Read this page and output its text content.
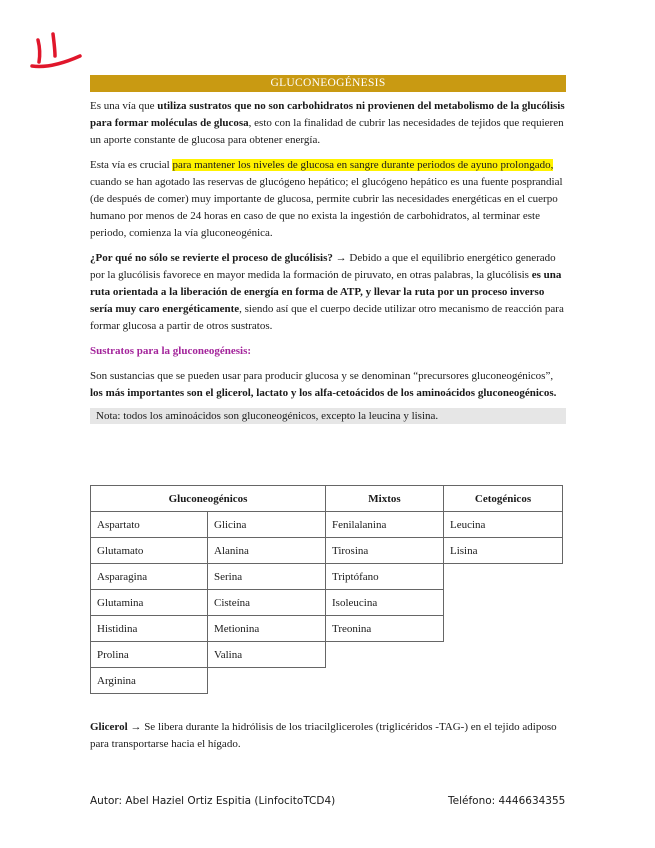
GLUCONEOGÉNESIS

Es una vía que utiliza sustratos que no son carbohidratos ni provienen del metabolismo de la glucólisis para formar moléculas de glucosa, esto con la finalidad de cubrir las necesidades de tejidos que requieren un aporte constante de glucosa para obtener energía.

Esta vía es crucial para mantener los niveles de glucosa en sangre durante periodos de ayuno prolongado, cuando se han agotado las reservas de glucógeno hepático; el glucógeno hepático es una fuente posprandial (de después de comer) muy importante de glucosa, permite cubrir las necesidades energéticas en el cuerpo humano por menos de 24 horas en caso de que no exista la ingestión de carbohidratos, al terminar este periodo, comienza la vía gluconeogénica.

¿Por qué no sólo se revierte el proceso de glucólisis? → Debido a que el equilibrio energético generado por la glucólisis favorece en mayor medida la formación de piruvato, en otras palabras, la glucólisis es una ruta orientada a la liberación de energía en forma de ATP, y llevar la ruta por un proceso inverso sería muy caro energéticamente, siendo así que el cuerpo decide utilizar otro mecanismo de reacción para formar glucosa a partir de otros sustratos.

Sustratos para la gluconeogénesis:

Son sustancias que se pueden usar para producir glucosa y se denominan “precursores gluconeogénicos”, los más importantes son el glicerol, lactato y los alfa-cetoácidos de los aminoácidos gluconeogénicos.

Nota: todos los aminoácidos son gluconeogénicos, excepto la leucina y lisina.
Gluconeogénicos		Mixtos	Cetogénicos
Aspartato	Glicina	Fenilalanina	Leucina
Glutamato	Alanina	Tirosina	Lisina
Asparagina	Serina	Triptófano	
Glutamina	Cisteína	Isoleucina	
Histidina	Metionina	Treonina	
Prolina	Valina		
Arginina			
Glicerol → Se libera durante la hidrólisis de los triacilgliceroles (triglicéridos -TAG-) en el tejido adiposo para transportarse hacia el hígado.
Autor: Abel Haziel Ortiz Espitia (LinfocitoTCD4)	Teléfono: 4446634355
